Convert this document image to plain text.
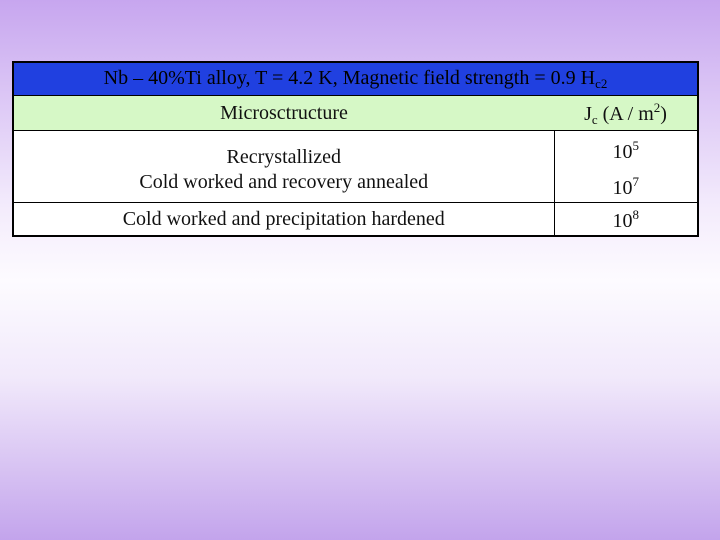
Nb – 40%Ti alloy, T = 4.2 K, Magnetic field strength = 0.9 $H_{c2}$
Microsctructure	$J_c$ $(A / m^2)$
Recrystallized	$10^5$
Cold worked and recovery annealed	$10^7$
Cold worked and precipitation hardened	$10^8$
